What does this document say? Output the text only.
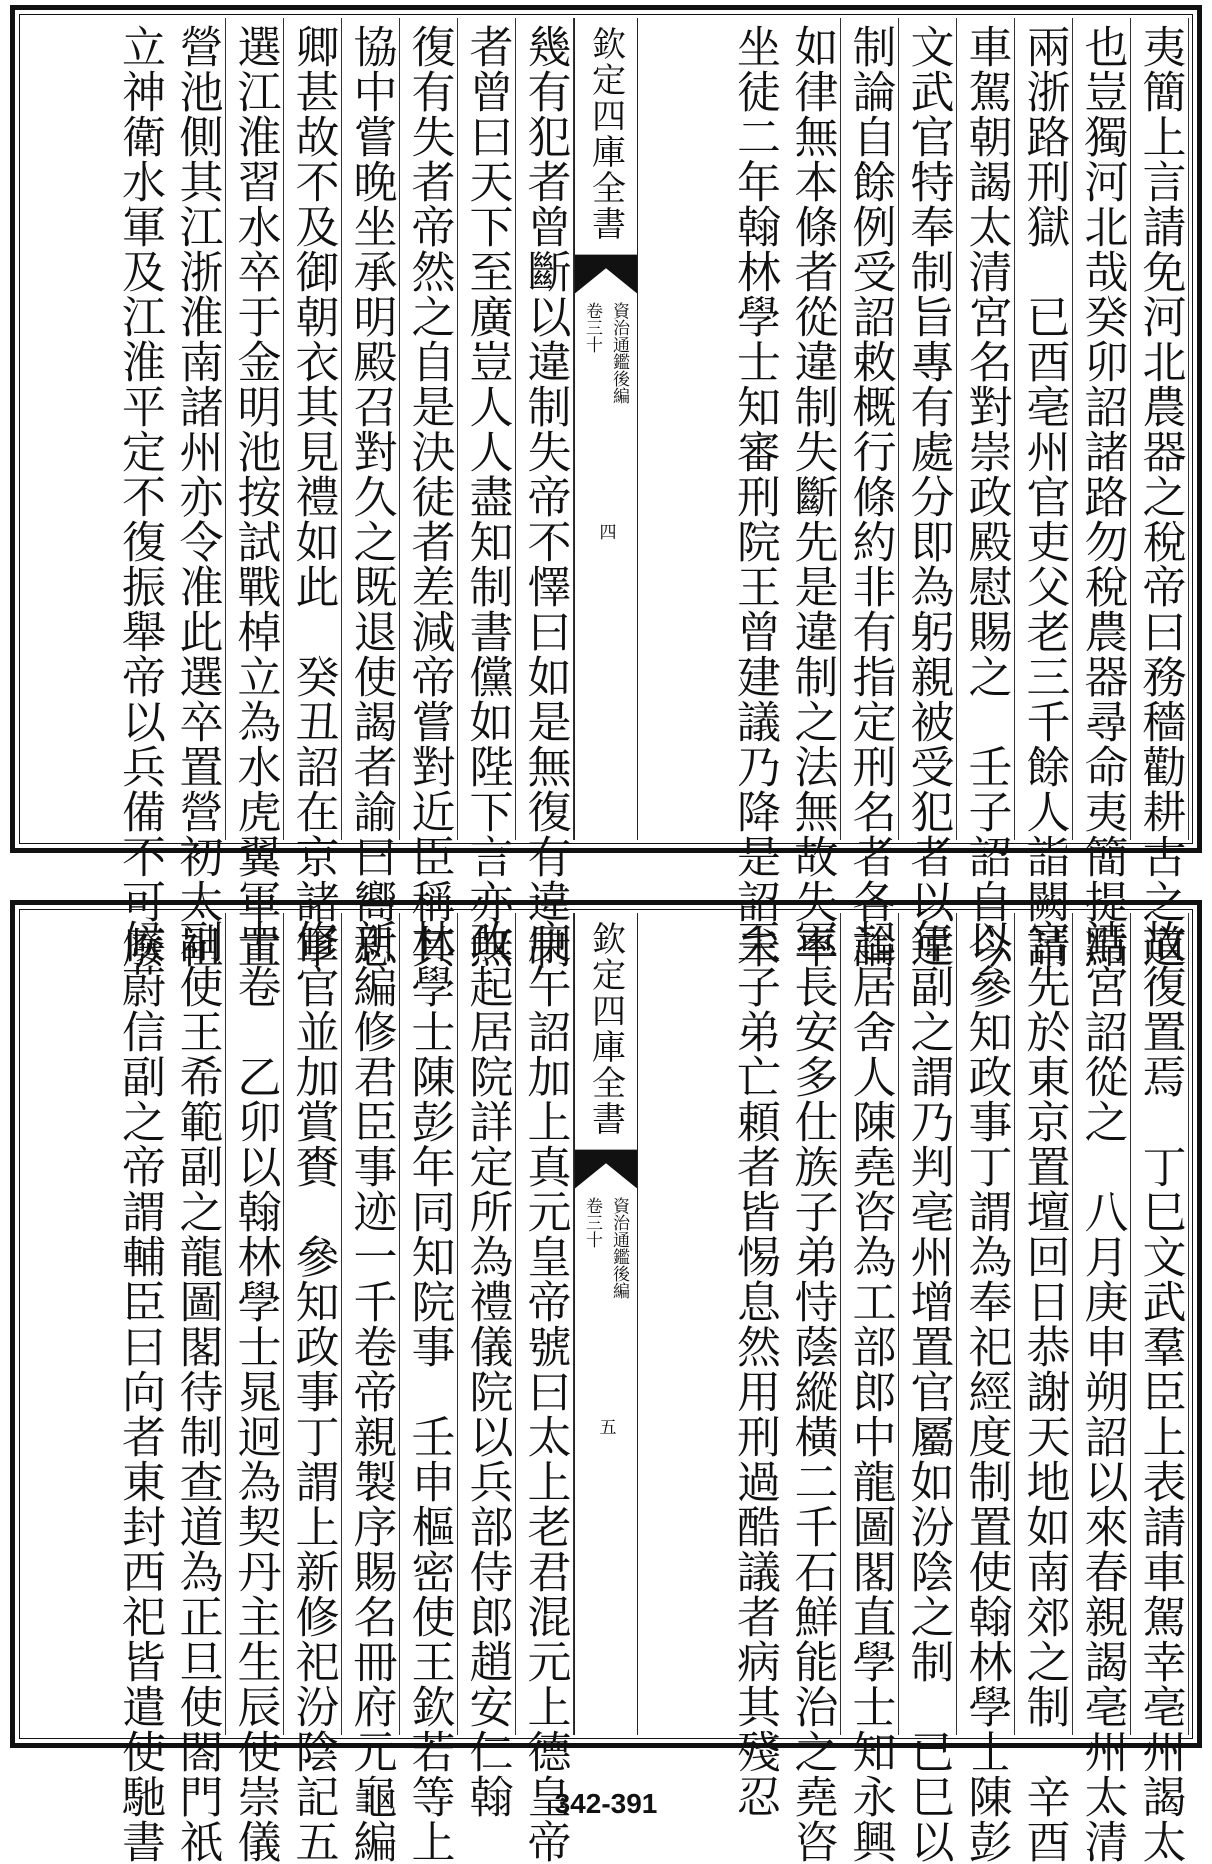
夷簡上言請免河北農器之稅帝曰務穡勸耕古之道
也豈獨河北哉癸卯詔諸路勿稅農器尋命夷簡提點
兩浙路刑獄　已酉亳州官吏父老三千餘人詣闕請
車駕朝謁太清宮名對崇政殿慰賜之　壬子詔自今
文武官特奉制旨專有處分即為躬親被受犯者以違
制論自餘例受詔敕概行條約非有指定刑名者各論
如律無本條者從違制失斷先是違制之法無故失率
坐徒二年翰林學士知審刑院王曾建議乃降是詔未
欽定四庫全書
資治通鑑後編
卷三十
四
幾有犯者曾斷以違制失帝不懌曰如是無復有違制
者曾曰天下至廣豈人人盡知制書儻如陛下言亦無
復有失者帝然之自是決徒者差減帝嘗對近臣稱其
協中嘗晚坐承明殿召對久之既退使謁者諭曰嚮思
卿甚故不及御朝衣其見禮如此　癸丑詔在京諸軍
選江淮習水卒于金明池按試戰棹立為水虎翼軍置
營池側其江浙淮南諸州亦令准此選卒置營初太祖
立神衛水軍及江淮平定不復振舉帝以兵備不可廢
故復置焉　丁巳文武羣臣上表請車駕幸亳州謁太
清宮詔從之　八月庚申朔詔以來春親謁亳州太清
宮先於東京置壇回日恭謝天地如南郊之制　辛酉
以參知政事丁謂為奉祀經度制置使翰林學士陳彭
年副之謂乃判亳州增置官屬如汾陰之制　已巳以
起居舍人陳堯咨為工部郎中龍圖閣直學士知永興
軍長安多仕族子弟恃蔭縱橫二千石鮮能治之堯咨
至子弟亡頼者皆惕息然用刑過酷議者病其殘忍
欽定四庫全書
資治通鑑後編
卷三十
五
庚午詔加上真元皇帝號曰太上老君混元上德皇帝
改起居院詳定所為禮儀院以兵部侍郎趙安仁翰
林學士陳彭年同知院事　壬申樞密使王欽若等上
新編修君臣事迹一千卷帝親製序賜名冊府元龜編
修官並加賞賚　參知政事丁謂上新修祀汾陰記五
十卷　乙卯以翰林學士晁迥為契丹主生辰使崇儀
副使王希範副之龍圖閣待制查道為正旦使閤門祇
候蔚信副之帝謂輔臣曰向者東封西祀皆遣使馳書	342-391
